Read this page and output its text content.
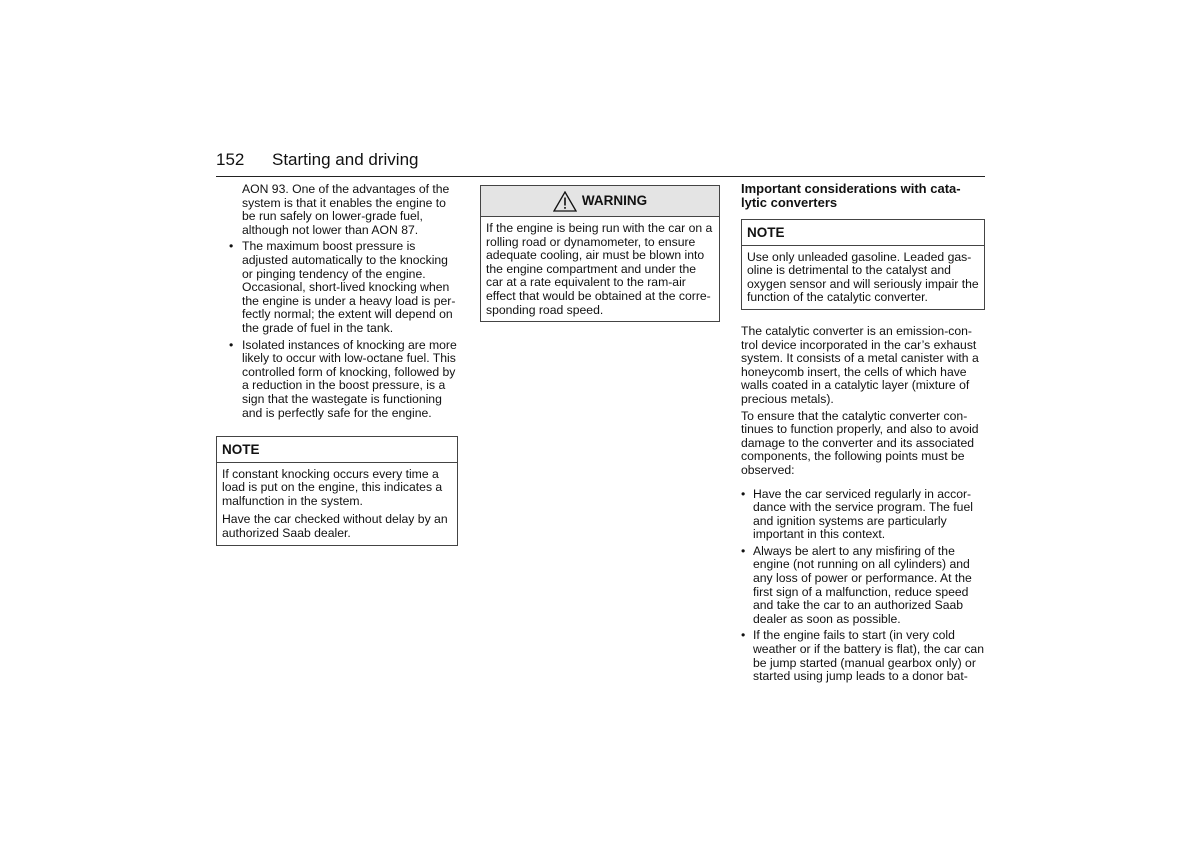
152 Starting and driving

AON 93. One of the advantages of the system is that it enables the engine to be run safely on lower-grade fuel, although not lower than AON 87.

• The maximum boost pressure is adjusted automatically to the knocking or pinging tendency of the engine. Occasional, short-lived knocking when the engine is under a heavy load is per- fectly normal; the extent will depend on the grade of fuel in the tank.
• Isolated instances of knocking are more likely to occur with low-octane fuel. This controlled form of knocking, followed by a reduction in the boost pressure, is a sign that the wastegate is functioning and is perfectly safe for the engine.
NOTE

If constant knocking occurs every time a load is put on the engine, this indicates a malfunction in the system.

Have the car checked without delay by an authorized Saab dealer.

WARNING
If the engine is being run with the car on a rolling road or dynamometer, to ensure adequate cooling, air must be blown into the engine compartment and under the car at a rate equivalent to the ram-air effect that would be obtained at the corre- sponding road speed.
Important considerations with cata- lytic converters
NOTE
Use only unleaded gasoline. Leaded gas- oline is detrimental to the catalyst and oxygen sensor and will seriously impair the function of the catalytic converter.

The catalytic converter is an emission-con- trol device incorporated in the car’s exhaust system. It consists of a metal canister with a honeycomb insert, the cells of which have walls coated in a catalytic layer (mixture of precious metals).

To ensure that the catalytic converter con- tinues to function properly, and also to avoid damage to the converter and its associated components, the following points must be observed:

• Have the car serviced regularly in accor- dance with the service program. The fuel and ignition systems are particularly important in this context.
• Always be alert to any misfiring of the engine (not running on all cylinders) and any loss of power or performance. At the first sign of a malfunction, reduce speed and take the car to an authorized Saab dealer as soon as possible.
• If the engine fails to start (in very cold weather or if the battery is flat), the car can be jump started (manual gearbox only) or started using jump leads to a donor bat-
